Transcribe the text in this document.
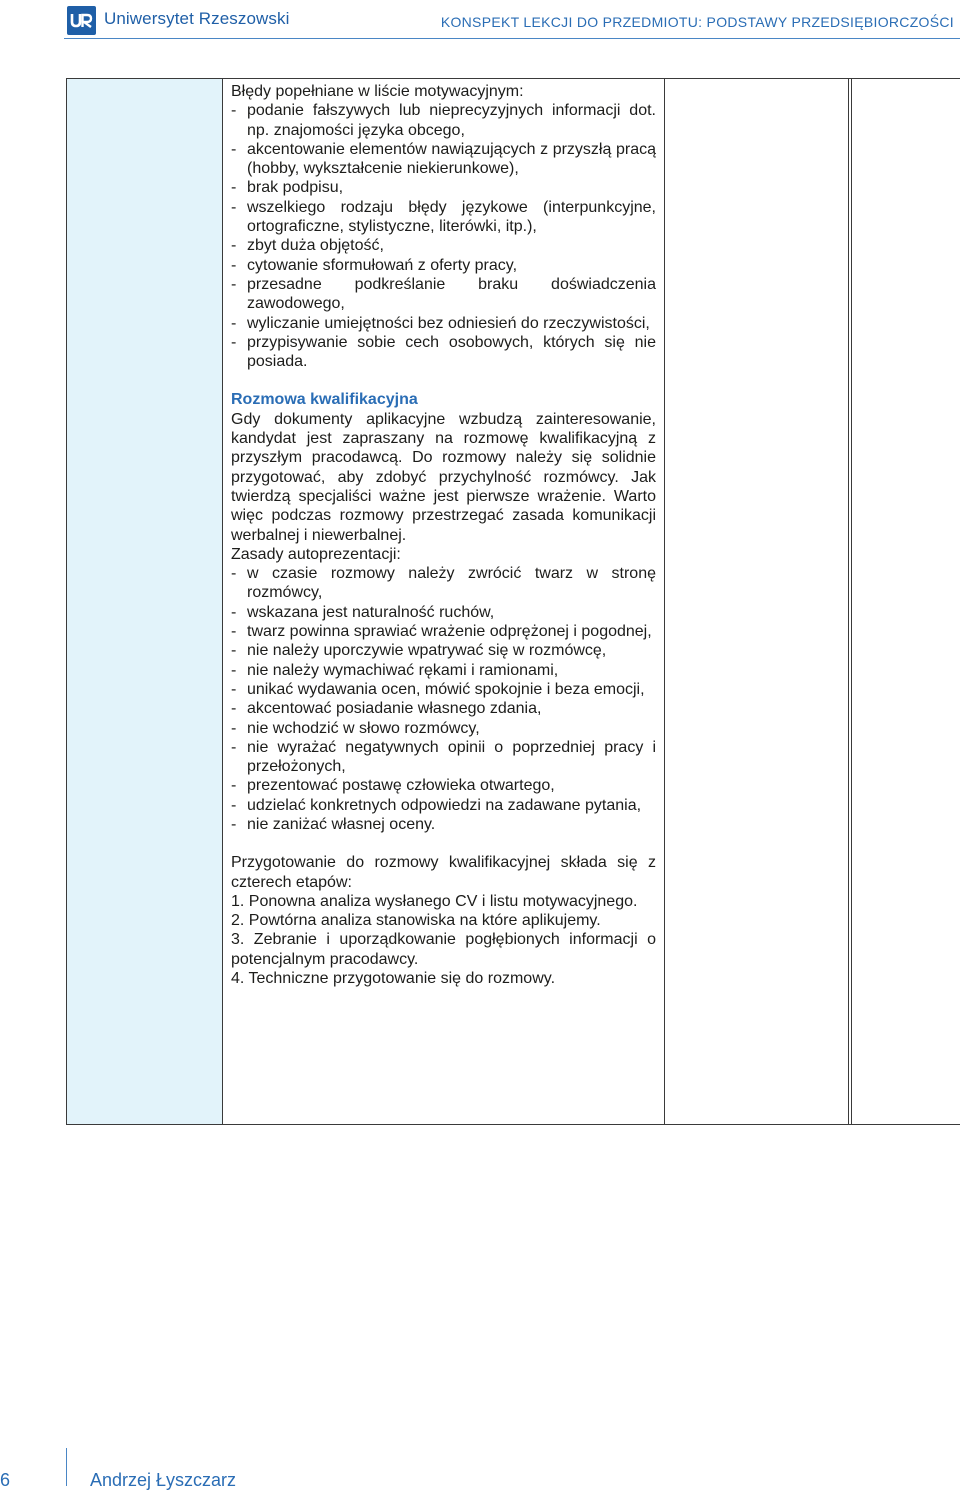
Uniwersytet Rzeszowski	KONSPEKT LEKCJI DO PRZEDMIOTU: PODSTAWY PRZEDSIĘBIORCZOŚCI

Błędy popełniane w liście motywacyjnym:

- podanie fałszywych lub nieprecyzyjnych informacji dot. np. znajomości języka obcego,
- akcentowanie elementów nawiązujących z przyszłą pracą (hobby, wykształcenie niekierunkowe),
- brak podpisu,
- wszelkiego rodzaju błędy językowe (interpunkcyjne, ortograficzne, stylistyczne, literówki, itp.),
- zbyt duża objętość,
- cytowanie sformułowań z oferty pracy,
- przesadne podkreślanie braku doświadczenia zawodowego,
- wyliczanie umiejętności bez odniesień do rzeczywistości,
- przypisywanie sobie cech osobowych, których się nie posiada.

Rozmowa kwalifikacyjna

Gdy dokumenty aplikacyjne wzbudzą zainteresowanie, kandydat jest zapraszany na rozmowę kwalifikacyjną z przyszłym pracodawcą. Do rozmowy należy się solidnie przygotować, aby zdobyć przychylność rozmówcy. Jak twierdzą specjaliści ważne jest pierwsze wrażenie. Warto więc podczas rozmowy przestrzegać zasada komunikacji werbalnej i niewerbalnej.

Zasady autoprezentacji:

- w czasie rozmowy należy zwrócić twarz w stronę rozmówcy,
- wskazana jest naturalność ruchów,
- twarz powinna sprawiać wrażenie odprężonej i pogodnej,
- nie należy uporczywie wpatrywać się w rozmówcę,
- nie należy wymachiwać rękami i ramionami,
- unikać wydawania ocen, mówić spokojnie i beza emocji,
- akcentować posiadanie własnego zdania,
- nie wchodzić w słowo rozmówcy,
- nie wyrażać negatywnych opinii o poprzedniej pracy i przełożonych,
- prezentować postawę człowieka otwartego,
- udzielać konkretnych odpowiedzi na zadawane pytania,
- nie zaniżać własnej oceny.

Przygotowanie do rozmowy kwalifikacyjnej składa się z czterech etapów:

1. Ponowna analiza wysłanego CV i listu motywacyjnego.

2. Powtórna analiza stanowiska na które aplikujemy.

3. Zebranie i uporządkowanie pogłębionych informacji o potencjalnym pracodawcy.

4. Techniczne przygotowanie się do rozmowy.

6	Andrzej Łyszczarz
